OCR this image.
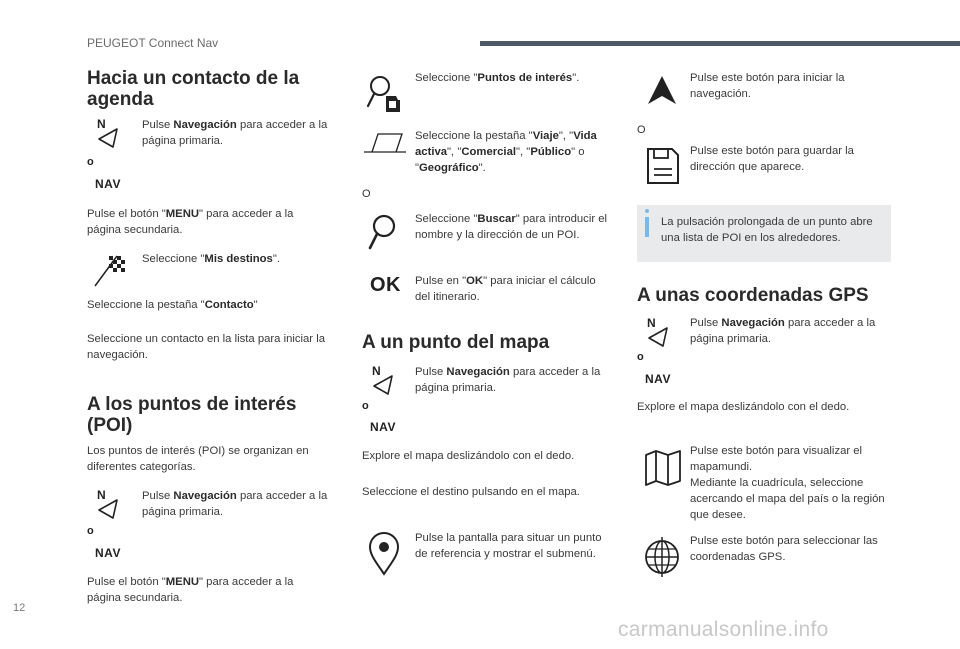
PEUGEOT Connect Nav
Hacia un contacto de la agenda
N
o
NAV
Pulse Navegación para acceder a la página primaria.
Pulse el botón "MENU" para acceder a la página secundaria.
Seleccione "Mis destinos".
Seleccione la pestaña "Contacto"
Seleccione un contacto en la lista para iniciar la navegación.
A los puntos de interés (POI)
Los puntos de interés (POI) se organizan en diferentes categorías.
N
o
NAV
Pulse Navegación para acceder a la página primaria.
Pulse el botón "MENU" para acceder a la página secundaria.
Seleccione "Puntos de interés".
Seleccione la pestaña "Viaje", "Vida activa", "Comercial", "Público" o "Geográfico".
O
Seleccione "Buscar" para introducir el nombre y la dirección de un POI.
OK Pulse en "OK" para iniciar el cálculo del itinerario.
A un punto del mapa
N
o
NAV
Pulse Navegación para acceder a la página primaria.
Explore el mapa deslizándolo con el dedo.
Seleccione el destino pulsando en el mapa.
Pulse la pantalla para situar un punto de referencia y mostrar el submenú.
Pulse este botón para iniciar la navegación.
O
Pulse este botón para guardar la dirección que aparece.
La pulsación prolongada de un punto abre una lista de POI en los alrededores.
A unas coordenadas GPS
N
o
NAV
Pulse Navegación para acceder a la página primaria.
Explore el mapa deslizándolo con el dedo.
Pulse este botón para visualizar el mapamundi.
Mediante la cuadrícula, seleccione acercando el mapa del país o la región que desee.
Pulse este botón para seleccionar las coordenadas GPS.
12
carmanualsonline.info
